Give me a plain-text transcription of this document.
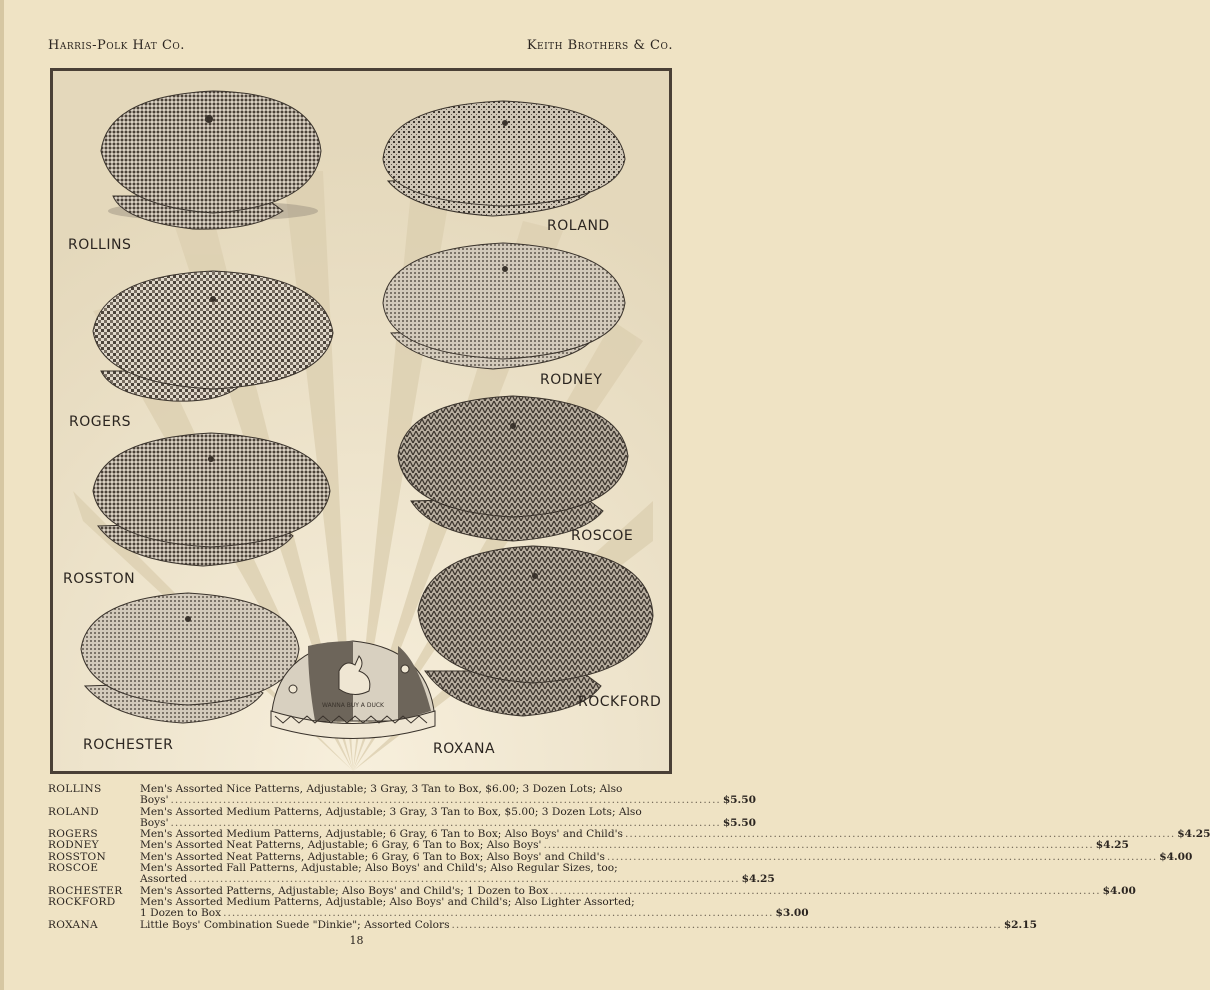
Harris-Polk Hat Co.	Keith Brothers & Co.
ROLLINS
ROLAND
ROGERS
RODNEY
ROSSTON
ROSCOE
ROCHESTER
ROCKFORD
WANNA BUY A DUCK
ROXANA
ROLLINS	Men's Assorted Nice Patterns, Adjustable; 3 Gray, 3 Tan to Box, $6.00; 3 Dozen Lots; Also
Boys' .............................................................................................................................. $5.50
ROLAND	Men's Assorted Medium Patterns, Adjustable; 3 Gray, 3 Tan to Box, $5.00; 3 Dozen Lots; Also
Boys' .............................................................................................................................. $5.50
ROGERS	Men's Assorted Medium Patterns, Adjustable; 6 Gray, 6 Tan to Box; Also Boys' and Child's .............................................................................................................................. $4.25
RODNEY	Men's Assorted Neat Patterns, Adjustable; 6 Gray, 6 Tan to Box; Also Boys' .............................................................................................................................. $4.25
ROSSTON	Men's Assorted Neat Patterns, Adjustable; 6 Gray, 6 Tan to Box; Also Boys' and Child's .............................................................................................................................. $4.00
ROSCOE	Men's Assorted Fall Patterns, Adjustable; Also Boys' and Child's; Also Regular Sizes, too;
Assorted .............................................................................................................................. $4.25
ROCHESTER	Men's Assorted Patterns, Adjustable; Also Boys' and Child's; 1 Dozen to Box .............................................................................................................................. $4.00
ROCKFORD	Men's Assorted Medium Patterns, Adjustable; Also Boys' and Child's; Also Lighter Assorted;
1 Dozen to Box .............................................................................................................................. $3.00
ROXANA	Little Boys' Combination Suede "Dinkie"; Assorted Colors .............................................................................................................................. $2.15
18
